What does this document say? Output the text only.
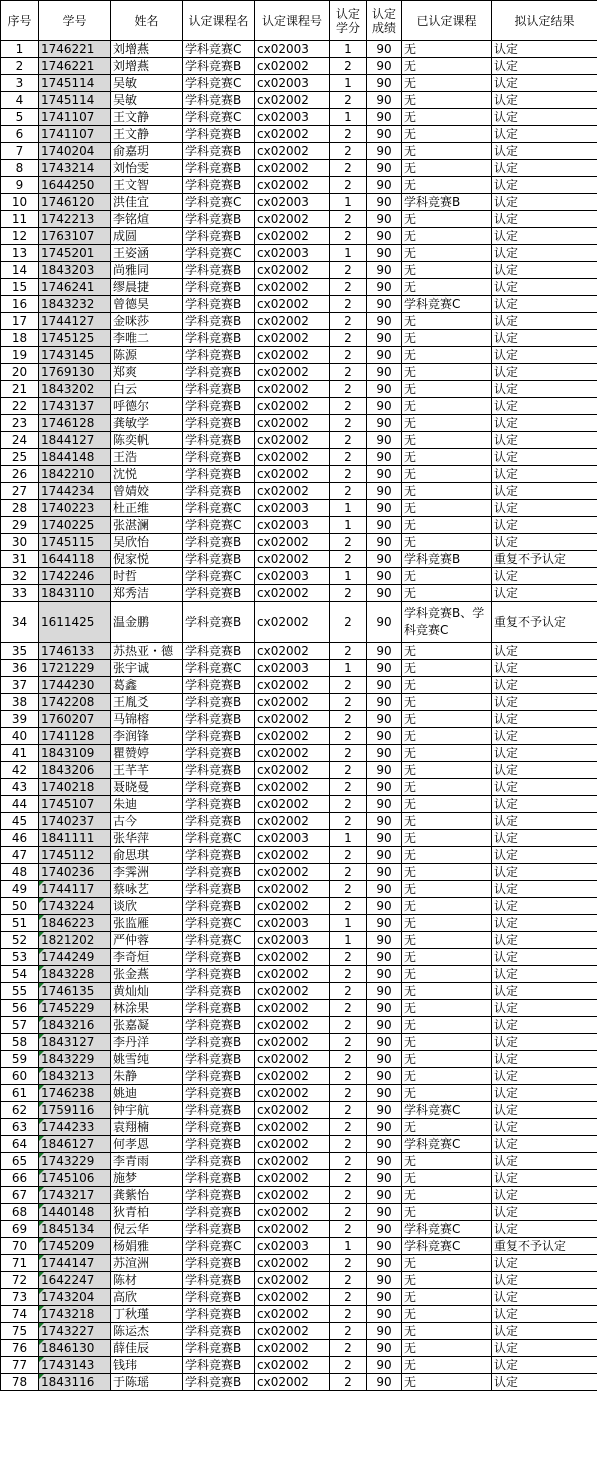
序号	学号	姓名	认定课程名	认定课程号	认定学分	认定成绩	已认定课程	拟认定结果
1	1746221	刘增燕	学科竞赛C	cx02003	1	90	无	认定
2	1746221	刘增燕	学科竞赛B	cx02002	2	90	无	认定
3	1745114	吴敏	学科竞赛C	cx02003	1	90	无	认定
4	1745114	吴敏	学科竞赛B	cx02002	2	90	无	认定
5	1741107	王文静	学科竞赛C	cx02003	1	90	无	认定
6	1741107	王文静	学科竞赛B	cx02002	2	90	无	认定
7	1740204	俞嘉玥	学科竞赛B	cx02002	2	90	无	认定
8	1743214	刘怡雯	学科竞赛B	cx02002	2	90	无	认定
9	1644250	王文智	学科竞赛B	cx02002	2	90	无	认定
10	1746120	洪佳宜	学科竞赛C	cx02003	1	90	学科竞赛B	认定
11	1742213	李铭煊	学科竞赛B	cx02002	2	90	无	认定
12	1763107	成圆	学科竞赛B	cx02002	2	90	无	认定
13	1745201	王姿涵	学科竞赛C	cx02003	1	90	无	认定
14	1843203	尚雅同	学科竞赛B	cx02002	2	90	无	认定
15	1746241	缪晨捷	学科竞赛B	cx02002	2	90	无	认定
16	1843232	曾德昊	学科竞赛B	cx02002	2	90	学科竞赛C	认定
17	1744127	金咪莎	学科竞赛B	cx02002	2	90	无	认定
18	1745125	李唯二	学科竞赛B	cx02002	2	90	无	认定
19	1743145	陈源	学科竞赛B	cx02002	2	90	无	认定
20	1769130	郑爽	学科竞赛B	cx02002	2	90	无	认定
21	1843202	白云	学科竞赛B	cx02002	2	90	无	认定
22	1743137	呼德尔	学科竞赛B	cx02002	2	90	无	认定
23	1746128	龚敏学	学科竞赛B	cx02002	2	90	无	认定
24	1844127	陈奕帆	学科竞赛B	cx02002	2	90	无	认定
25	1844148	王浩	学科竞赛B	cx02002	2	90	无	认定
26	1842210	沈悦	学科竞赛B	cx02002	2	90	无	认定
27	1744234	曾婧姣	学科竞赛B	cx02002	2	90	无	认定
28	1740223	杜正维	学科竞赛C	cx02003	1	90	无	认定
29	1740225	张湛澜	学科竞赛C	cx02003	1	90	无	认定
30	1745115	吴欣怡	学科竞赛B	cx02002	2	90	无	认定
31	1644118	倪家悦	学科竞赛B	cx02002	2	90	学科竞赛B	重复不予认定
32	1742246	时哲	学科竞赛C	cx02003	1	90	无	认定
33	1843110	郑秀洁	学科竞赛B	cx02002	2	90	无	认定
34	1611425	温金鹏	学科竞赛B	cx02002	2	90	学科竞赛B、学科竞赛C	重复不予认定
35	1746133	苏热亚・德	学科竞赛B	cx02002	2	90	无	认定
36	1721229	张宇诚	学科竞赛C	cx02003	1	90	无	认定
37	1744230	葛鑫	学科竞赛B	cx02002	2	90	无	认定
38	1742208	王胤爻	学科竞赛B	cx02002	2	90	无	认定
39	1760207	马锦榕	学科竞赛B	cx02002	2	90	无	认定
40	1741128	李润锋	学科竞赛B	cx02002	2	90	无	认定
41	1843109	瞿赞婷	学科竞赛B	cx02002	2	90	无	认定
42	1843206	王芊芊	学科竞赛B	cx02002	2	90	无	认定
43	1740218	聂晓曼	学科竞赛B	cx02002	2	90	无	认定
44	1745107	朱迪	学科竞赛B	cx02002	2	90	无	认定
45	1740237	古今	学科竞赛B	cx02002	2	90	无	认定
46	1841111	张华萍	学科竞赛C	cx02003	1	90	无	认定
47	1745112	俞思琪	学科竞赛B	cx02002	2	90	无	认定
48	1740236	李霁洲	学科竞赛B	cx02002	2	90	无	认定
49	1744117	蔡咏艺	学科竞赛B	cx02002	2	90	无	认定
50	1743224	谈欣	学科竞赛B	cx02002	2	90	无	认定
51	1846223	张监雁	学科竞赛C	cx02003	1	90	无	认定
52	1821202	严仲蓉	学科竞赛C	cx02003	1	90	无	认定
53	1744249	李奇烜	学科竞赛B	cx02002	2	90	无	认定
54	1843228	张金燕	学科竞赛B	cx02002	2	90	无	认定
55	1746135	黄灿灿	学科竞赛B	cx02002	2	90	无	认定
56	1745229	林涂果	学科竞赛B	cx02002	2	90	无	认定
57	1843216	张嘉凝	学科竞赛B	cx02002	2	90	无	认定
58	1843127	李丹洋	学科竞赛B	cx02002	2	90	无	认定
59	1843229	姚雪纯	学科竞赛B	cx02002	2	90	无	认定
60	1843213	朱静	学科竞赛B	cx02002	2	90	无	认定
61	1746238	姚迪	学科竞赛B	cx02002	2	90	无	认定
62	1759116	钟宇航	学科竞赛B	cx02002	2	90	学科竞赛C	认定
63	1744233	袁翔楠	学科竞赛B	cx02002	2	90	无	认定
64	1846127	何孝恩	学科竞赛B	cx02002	2	90	学科竞赛C	认定
65	1743229	李青雨	学科竞赛B	cx02002	2	90	无	认定
66	1745106	施梦	学科竞赛B	cx02002	2	90	无	认定
67	1743217	龚紫怡	学科竞赛B	cx02002	2	90	无	认定
68	1440148	狄青柏	学科竞赛B	cx02002	2	90	无	认定
69	1845134	倪云华	学科竞赛B	cx02002	2	90	学科竞赛C	认定
70	1745209	杨娟雅	学科竞赛C	cx02003	1	90	学科竞赛C	重复不予认定
71	1744147	苏渲洲	学科竞赛B	cx02002	2	90	无	认定
72	1642247	陈材	学科竞赛B	cx02002	2	90	无	认定
73	1743204	高欣	学科竞赛B	cx02002	2	90	无	认定
74	1743218	丁秋瑾	学科竞赛B	cx02002	2	90	无	认定
75	1743227	陈运杰	学科竞赛B	cx02002	2	90	无	认定
76	1846130	薛佳辰	学科竞赛B	cx02002	2	90	无	认定
77	1743143	钱玮	学科竞赛B	cx02002	2	90	无	认定
78	1843116	于陈瑶	学科竞赛B	cx02002	2	90	无	认定
